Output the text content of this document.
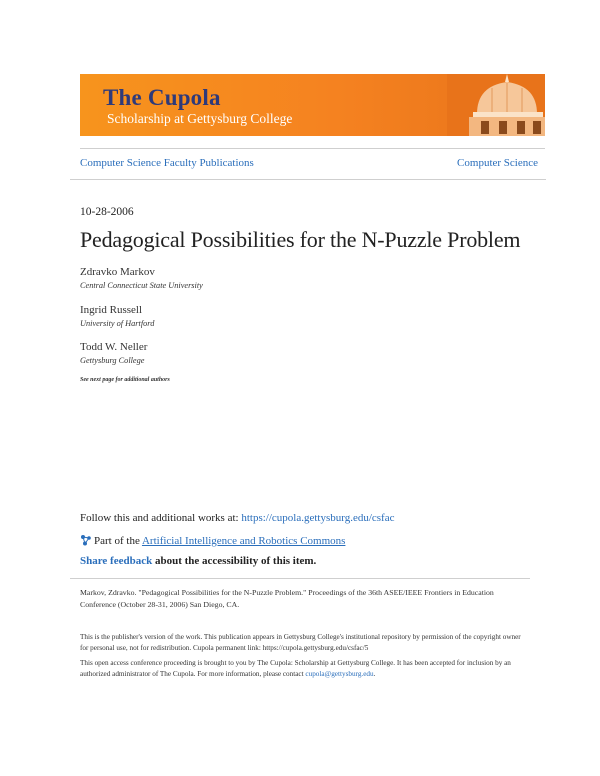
The Cupola
Scholarship at Gettysburg College
Computer Science Faculty Publications	Computer Science
10-28-2006
Pedagogical Possibilities for the N-Puzzle Problem
Zdravko Markov
Central Connecticut State University
Ingrid Russell
University of Hartford
Todd W. Neller
Gettysburg College
See next page for additional authors
Follow this and additional works at: https://cupola.gettysburg.edu/csfac
Part of the Artificial Intelligence and Robotics Commons
Share feedback about the accessibility of this item.
Markov, Zdravko. "Pedagogical Possibilities for the N-Puzzle Problem." Proceedings of the 36th ASEE/IEEE Frontiers in Education Conference (October 28-31, 2006) San Diego, CA.
This is the publisher's version of the work. This publication appears in Gettysburg College's institutional repository by permission of the copyright owner for personal use, not for redistribution. Cupola permanent link: https://cupola.gettysburg.edu/csfac/5
This open access conference proceeding is brought to you by The Cupola: Scholarship at Gettysburg College. It has been accepted for inclusion by an authorized administrator of The Cupola. For more information, please contact cupola@gettysburg.edu.
